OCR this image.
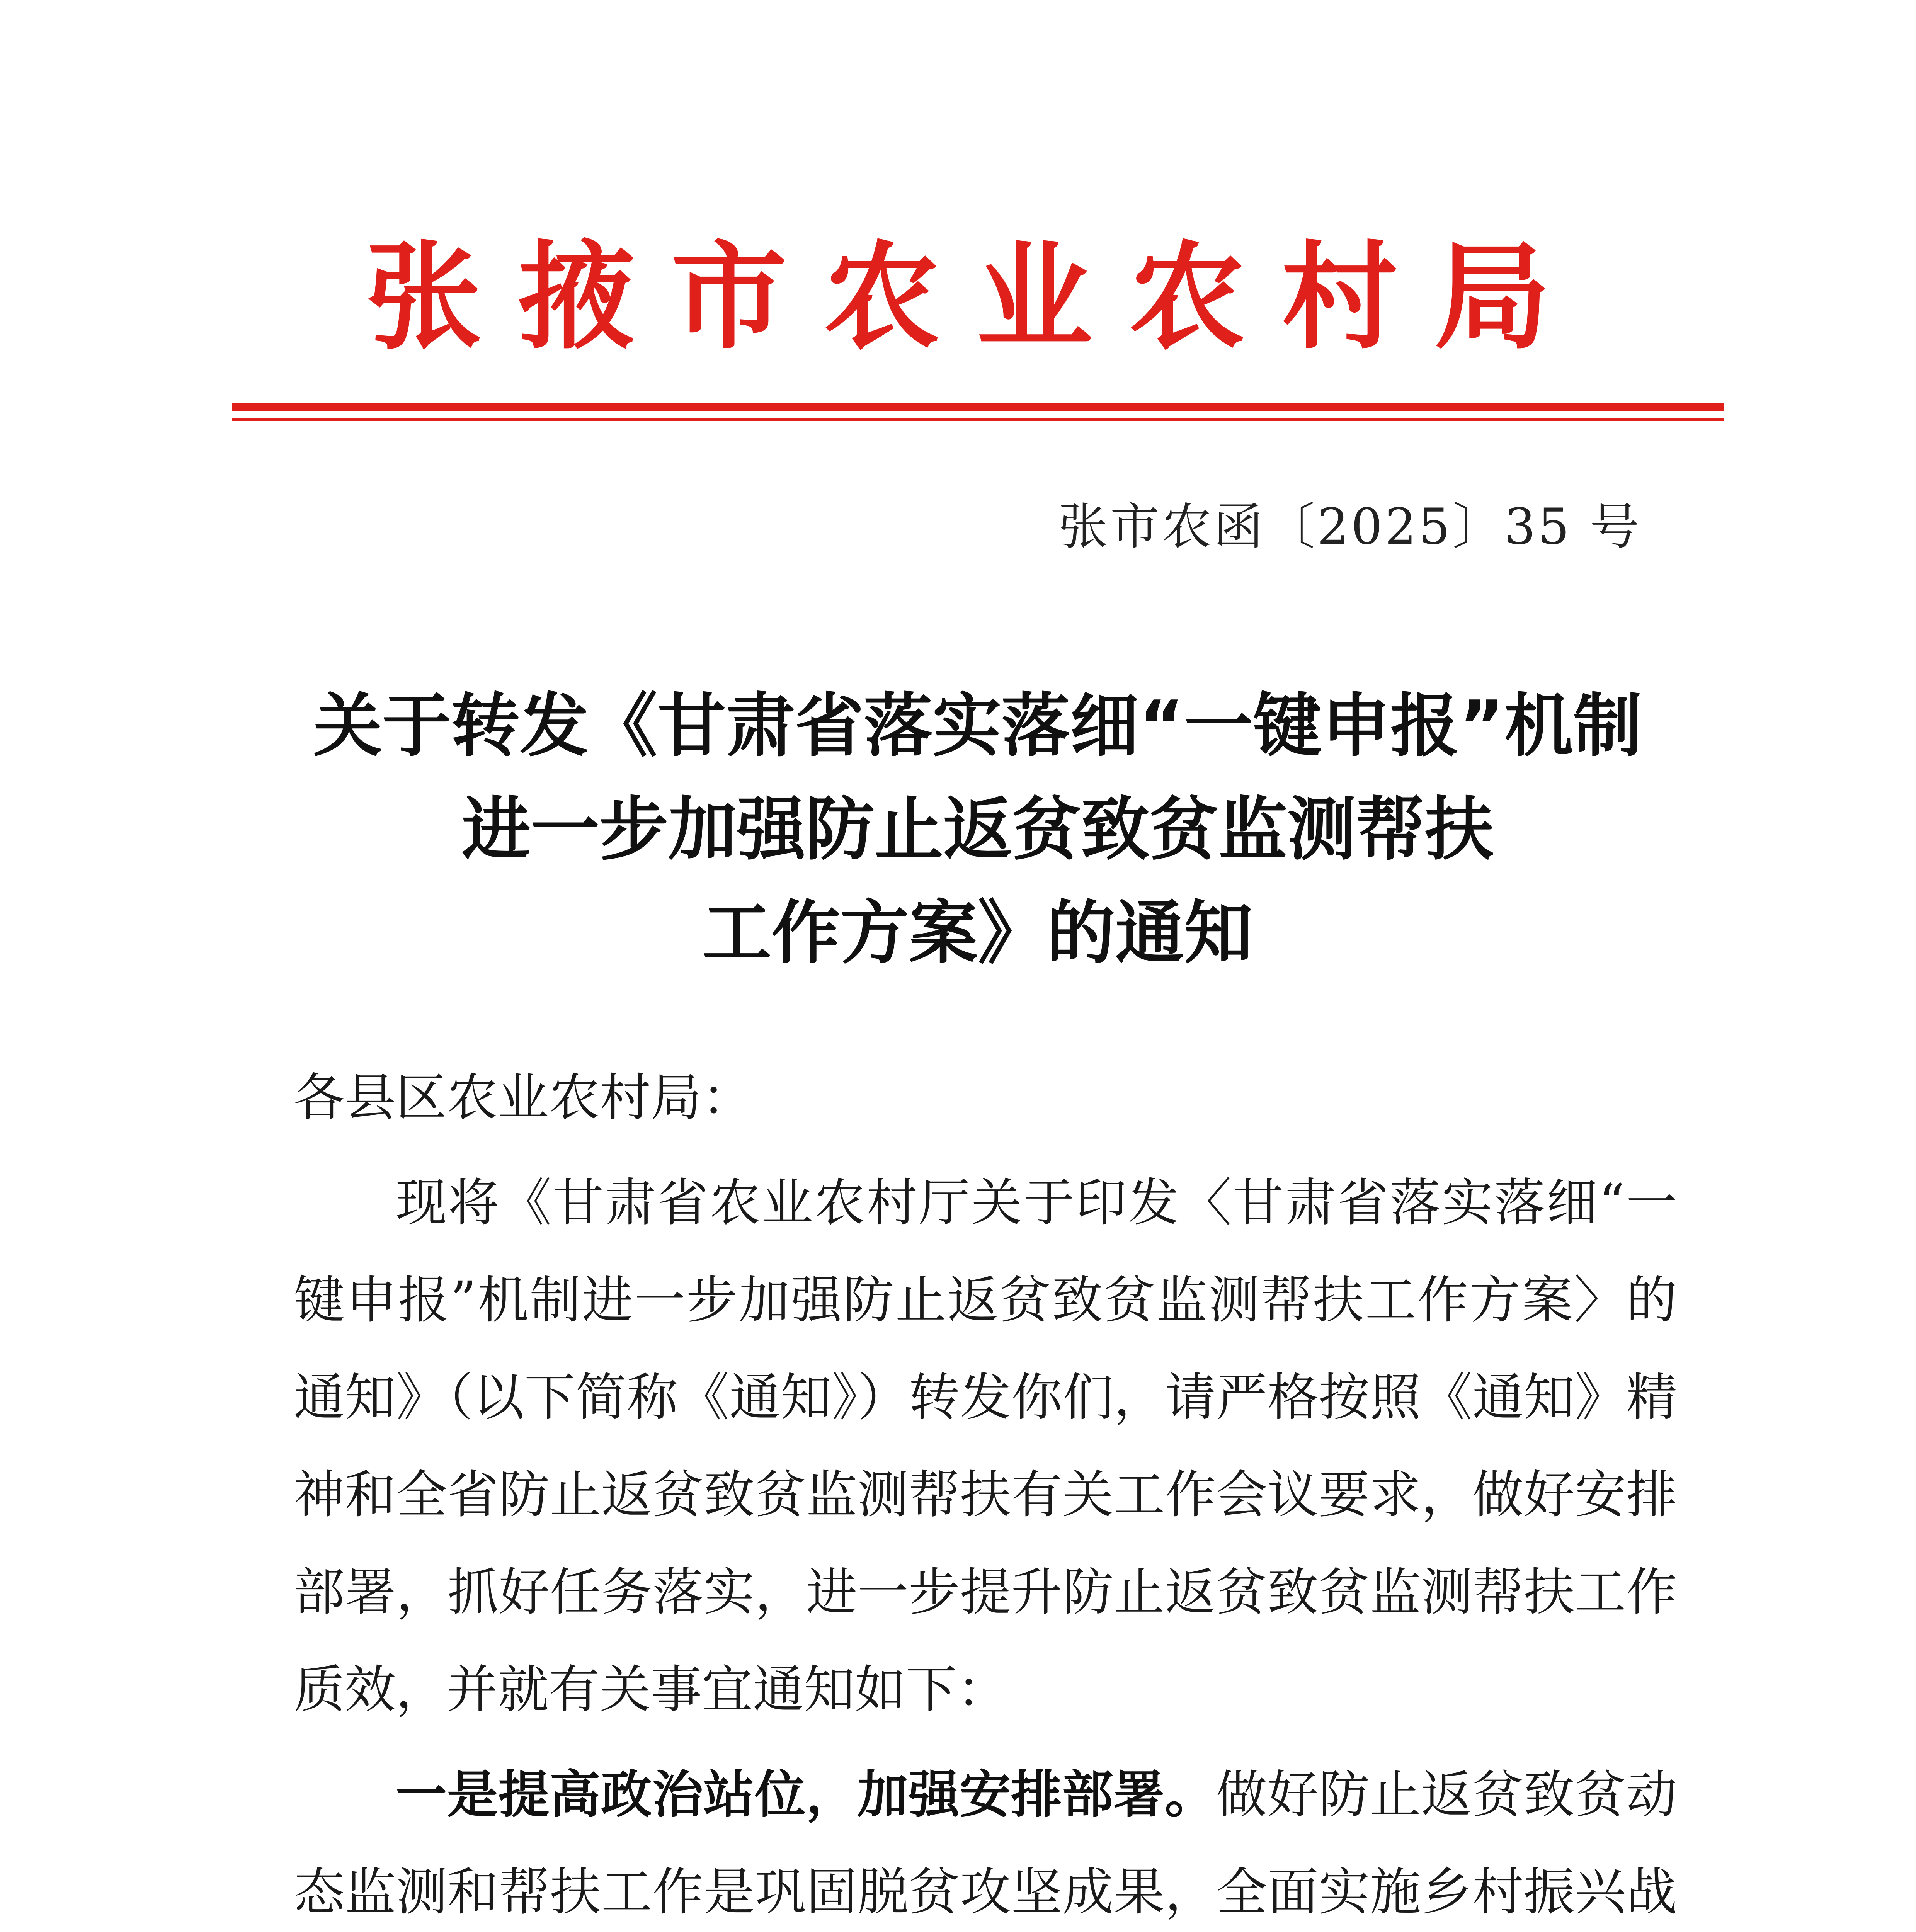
张掖市农业农村局
张市农函〔2025〕35 号
关于转发《甘肃省落实落细“一键申报”机制
进一步加强防止返贫致贫监测帮扶
工作方案》的通知

各县区农业农村局：

现将《甘肃省农业农村厅关于印发〈甘肃省落实落细“一键申报”机制进一步加强防止返贫致贫监测帮扶工作方案〉的通知》（以下简称《通知》）转发你们，请严格按照《通知》精神和全省防止返贫致贫监测帮扶有关工作会议要求，做好安排部署，抓好任务落实，进一步提升防止返贫致贫监测帮扶工作质效，并就有关事宜通知如下：

一是提高政治站位，加强安排部署。做好防止返贫致贫动态监测和帮扶工作是巩固脱贫攻坚成果，全面实施乡村振兴战
